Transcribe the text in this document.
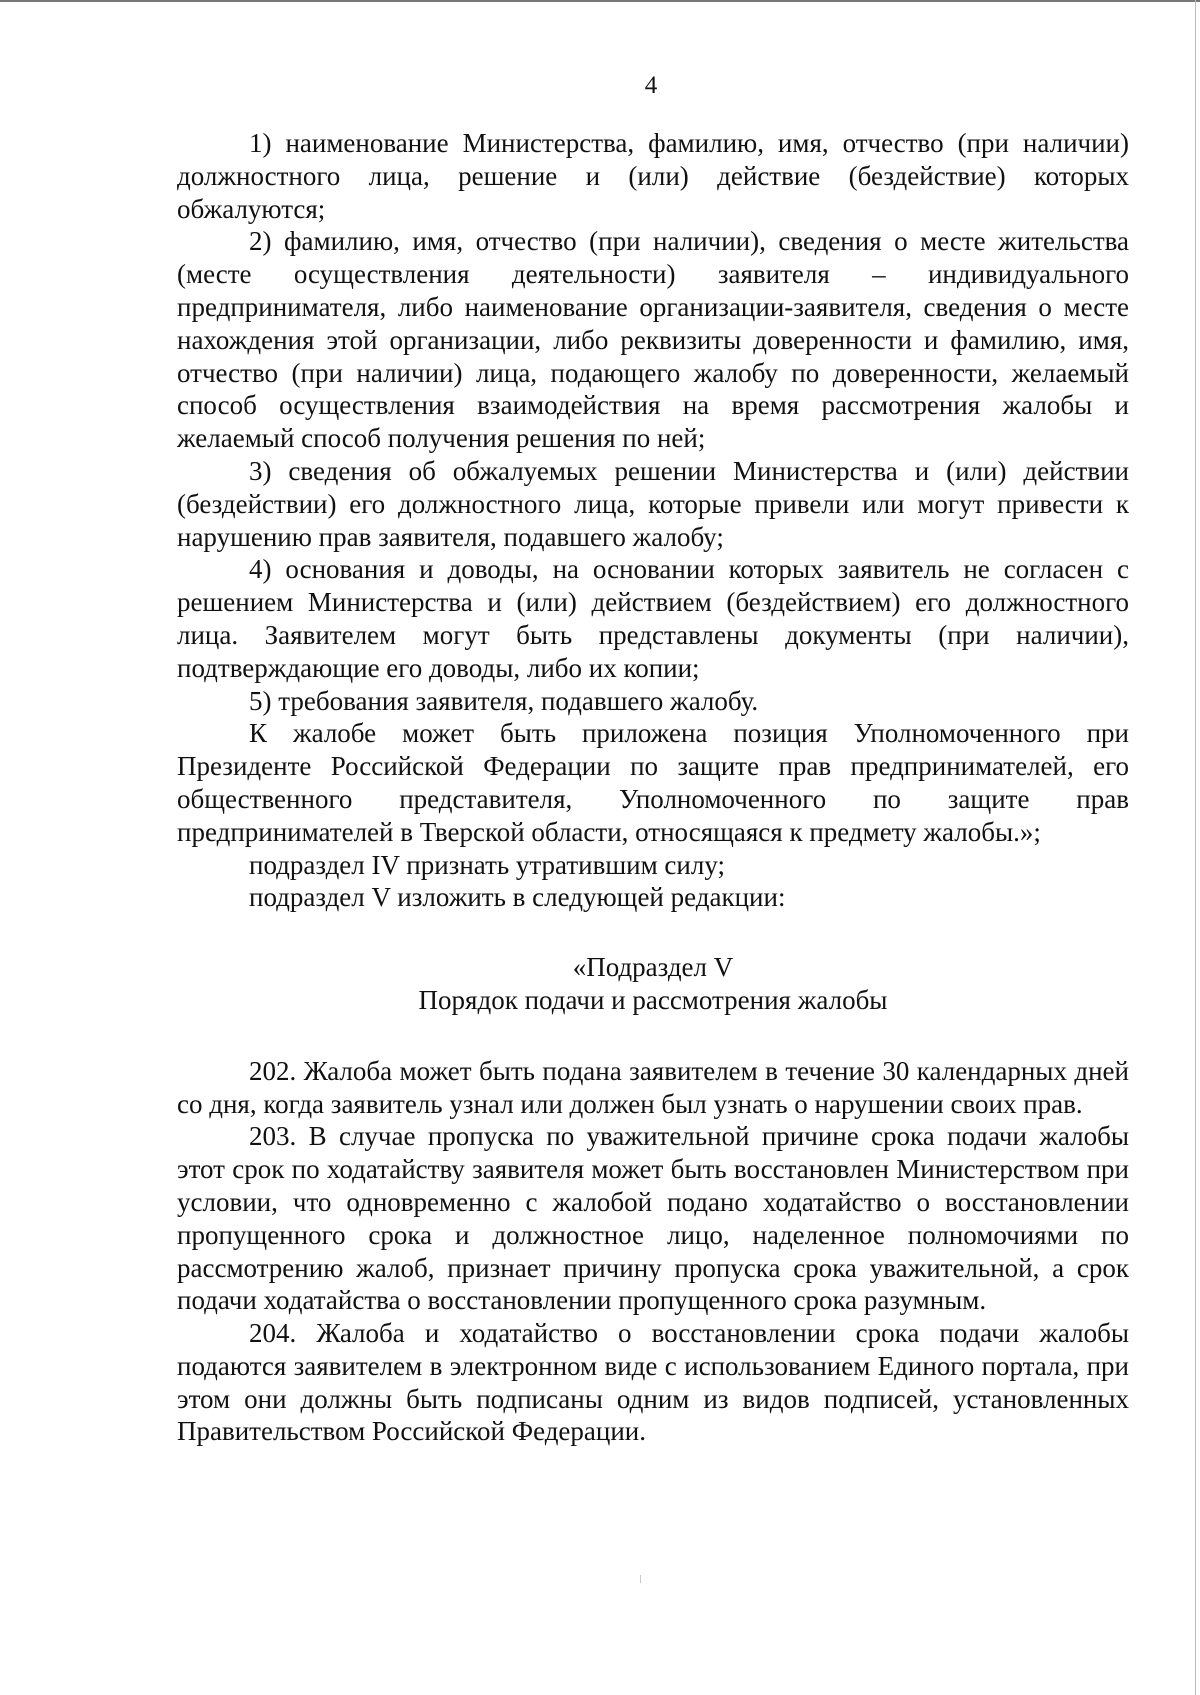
4

1) наименование Министерства, фамилию, имя, отчество (при наличии) должностного лица, решение и (или) действие (бездействие) которых обжалуются;

2) фамилию, имя, отчество (при наличии), сведения о месте жительства (месте осуществления деятельности) заявителя – индивидуального предпринимателя, либо наименование организации-заявителя, сведения о месте нахождения этой организации, либо реквизиты доверенности и фамилию, имя, отчество (при наличии) лица, подающего жалобу по доверенности, желаемый способ осуществления взаимодействия на время рассмотрения жалобы и желаемый способ получения решения по ней;

3) сведения об обжалуемых решении Министерства и (или) действии (бездействии) его должностного лица, которые привели или могут привести к нарушению прав заявителя, подавшего жалобу;

4) основания и доводы, на основании которых заявитель не согласен с решением Министерства и (или) действием (бездействием) его должностного лица. Заявителем могут быть представлены документы (при наличии), подтверждающие его доводы, либо их копии;

5) требования заявителя, подавшего жалобу.

К жалобе может быть приложена позиция Уполномоченного при Президенте Российской Федерации по защите прав предпринимателей, его общественного представителя, Уполномоченного по защите прав предпринимателей в Тверской области, относящаяся к предмету жалобы.»;

подраздел IV признать утратившим силу;

подраздел V изложить в следующей редакции:

«Подраздел V
Порядок подачи и рассмотрения жалобы

202. Жалоба может быть подана заявителем в течение 30 календарных дней со дня, когда заявитель узнал или должен был узнать о нарушении своих прав.

203. В случае пропуска по уважительной причине срока подачи жалобы этот срок по ходатайству заявителя может быть восстановлен Министерством при условии, что одновременно с жалобой подано ходатайство о восстановлении пропущенного срока и должностное лицо, наделенное полномочиями по рассмотрению жалоб, признает причину пропуска срока уважительной, а срок подачи ходатайства о восстановлении пропущенного срока разумным.

204. Жалоба и ходатайство о восстановлении срока подачи жалобы подаются заявителем в электронном виде с использованием Единого портала, при этом они должны быть подписаны одним из видов подписей, установленных Правительством Российской Федерации.
